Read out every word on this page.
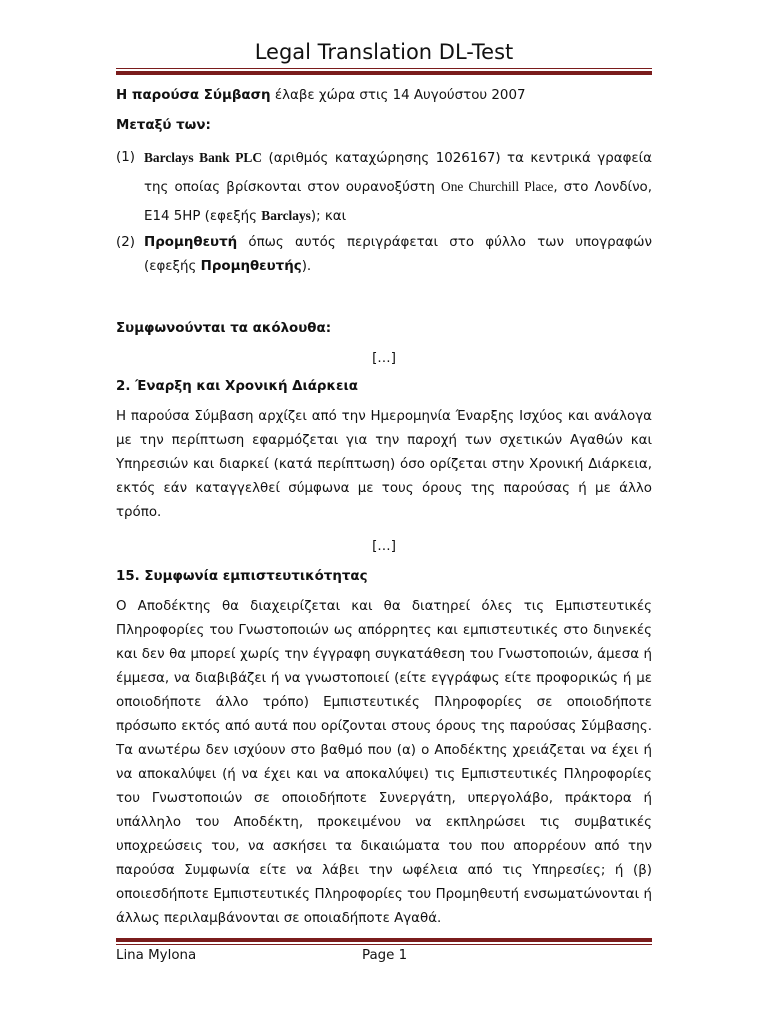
Legal Translation DL-Test

Η παρούσα Σύμβαση έλαβε χώρα στις 14 Αυγούστου 2007

Μεταξύ των:

(1) Barclays Bank PLC (αριθμός καταχώρησης 1026167) τα κεντρικά γραφεία της οποίας βρίσκονται στον ουρανοξύστη One Churchill Place, στο Λονδίνο, Ε14 5HP (εφεξής Barclays); και
(2) Προμηθευτή όπως αυτός περιγράφεται στο φύλλο των υπογραφών (εφεξής Προμηθευτής).

Συμφωνούνται τα ακόλουθα:

[…]

2. Έναρξη και Χρονική Διάρκεια

Η παρούσα Σύμβαση αρχίζει από την Ημερομηνία Έναρξης Ισχύος και ανάλογα με την περίπτωση εφαρμόζεται για την παροχή των σχετικών Αγαθών και Υπηρεσιών και διαρκεί (κατά περίπτωση) όσο ορίζεται στην Χρονική Διάρκεια, εκτός εάν καταγγελθεί σύμφωνα με τους όρους της παρούσας ή με άλλο τρόπο.

[…]

15. Συμφωνία εμπιστευτικότητας

Ο Αποδέκτης θα διαχειρίζεται και θα διατηρεί όλες τις Εμπιστευτικές Πληροφορίες του Γνωστοποιών ως απόρρητες και εμπιστευτικές στο διηνεκές και δεν θα μπορεί χωρίς την έγγραφη συγκατάθεση του Γνωστοποιών, άμεσα ή έμμεσα, να διαβιβάζει ή να γνωστοποιεί (είτε εγγράφως είτε προφορικώς ή με οποιοδήποτε άλλο τρόπο) Εμπιστευτικές Πληροφορίες σε οποιοδήποτε πρόσωπο εκτός από αυτά που ορίζονται στους όρους της παρούσας Σύμβασης. Τα ανωτέρω δεν ισχύουν στο βαθμό που (α) ο Αποδέκτης χρειάζεται να έχει ή να αποκαλύψει (ή να έχει και να αποκαλύψει) τις Εμπιστευτικές Πληροφορίες του Γνωστοποιών σε οποιοδήποτε Συνεργάτη, υπεργολάβο, πράκτορα ή υπάλληλο του Αποδέκτη, προκειμένου να εκπληρώσει τις συμβατικές υποχρεώσεις του, να ασκήσει τα δικαιώματα του που απορρέουν από την παρούσα Συμφωνία είτε να λάβει την ωφέλεια από τις Υπηρεσίες; ή (β) οποιεσδήποτε Εμπιστευτικές Πληροφορίες του Προμηθευτή ενσωματώνονται ή άλλως περιλαμβάνονται σε οποιαδήποτε Αγαθά.

Lina Mylona	Page 1
